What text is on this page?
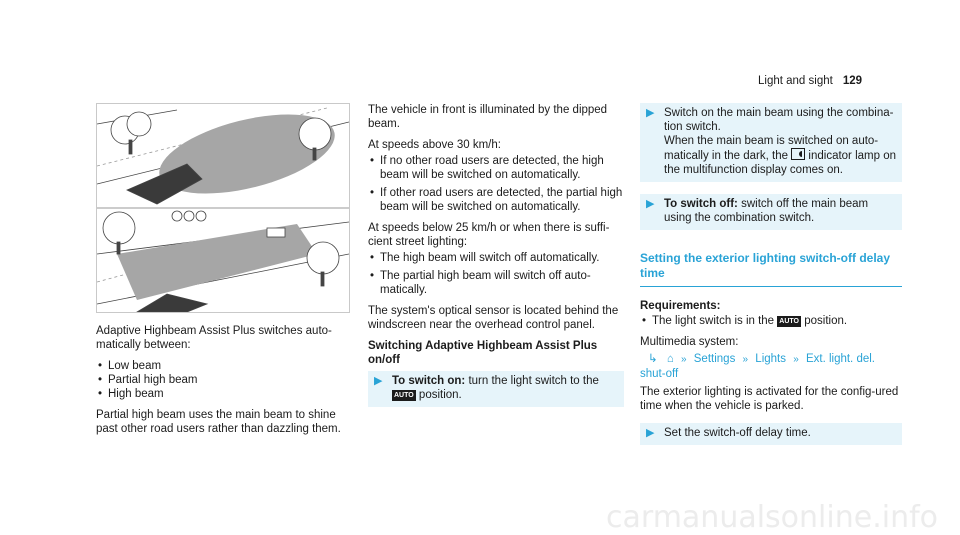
Light and sight 129

Adaptive Highbeam Assist Plus switches auto-matically between:

• Low beam
• Partial high beam
• High beam

Partial high beam uses the main beam to shine past other road users rather than dazzling them.

The vehicle in front is illuminated by the dipped beam.

At speeds above 30 km/h:

• If no other road users are detected, the high beam will be switched on automatically.
• If other road users are detected, the partial high beam will be switched on automatically.

At speeds below 25 km/h or when there is suffi-cient street lighting:

• The high beam will switch off automatically.
• The partial high beam will switch off auto-matically.

The system's optical sensor is located behind the windscreen near the overhead control panel.

Switching Adaptive Highbeam Assist Plus on/off
▶ To switch on: turn the light switch to the
AUTO position.
▶ Switch on the main beam using the combina-tion switch.
When the main beam is switched on auto-matically in the dark, the indicator lamp on the multifunction display comes on.
▶ To switch off: switch off the main beam using the combination switch.
Setting the exterior lighting switch-off delay time
Requirements:
• The light switch is in the AUTO position.

Multimedia system:

↳ ⌂ » Settings » Lights » Ext. light. del. shut-off

The exterior lighting is activated for the config-ured time when the vehicle is parked.

▶ Set the switch-off delay time.
carmanualsonline.info
